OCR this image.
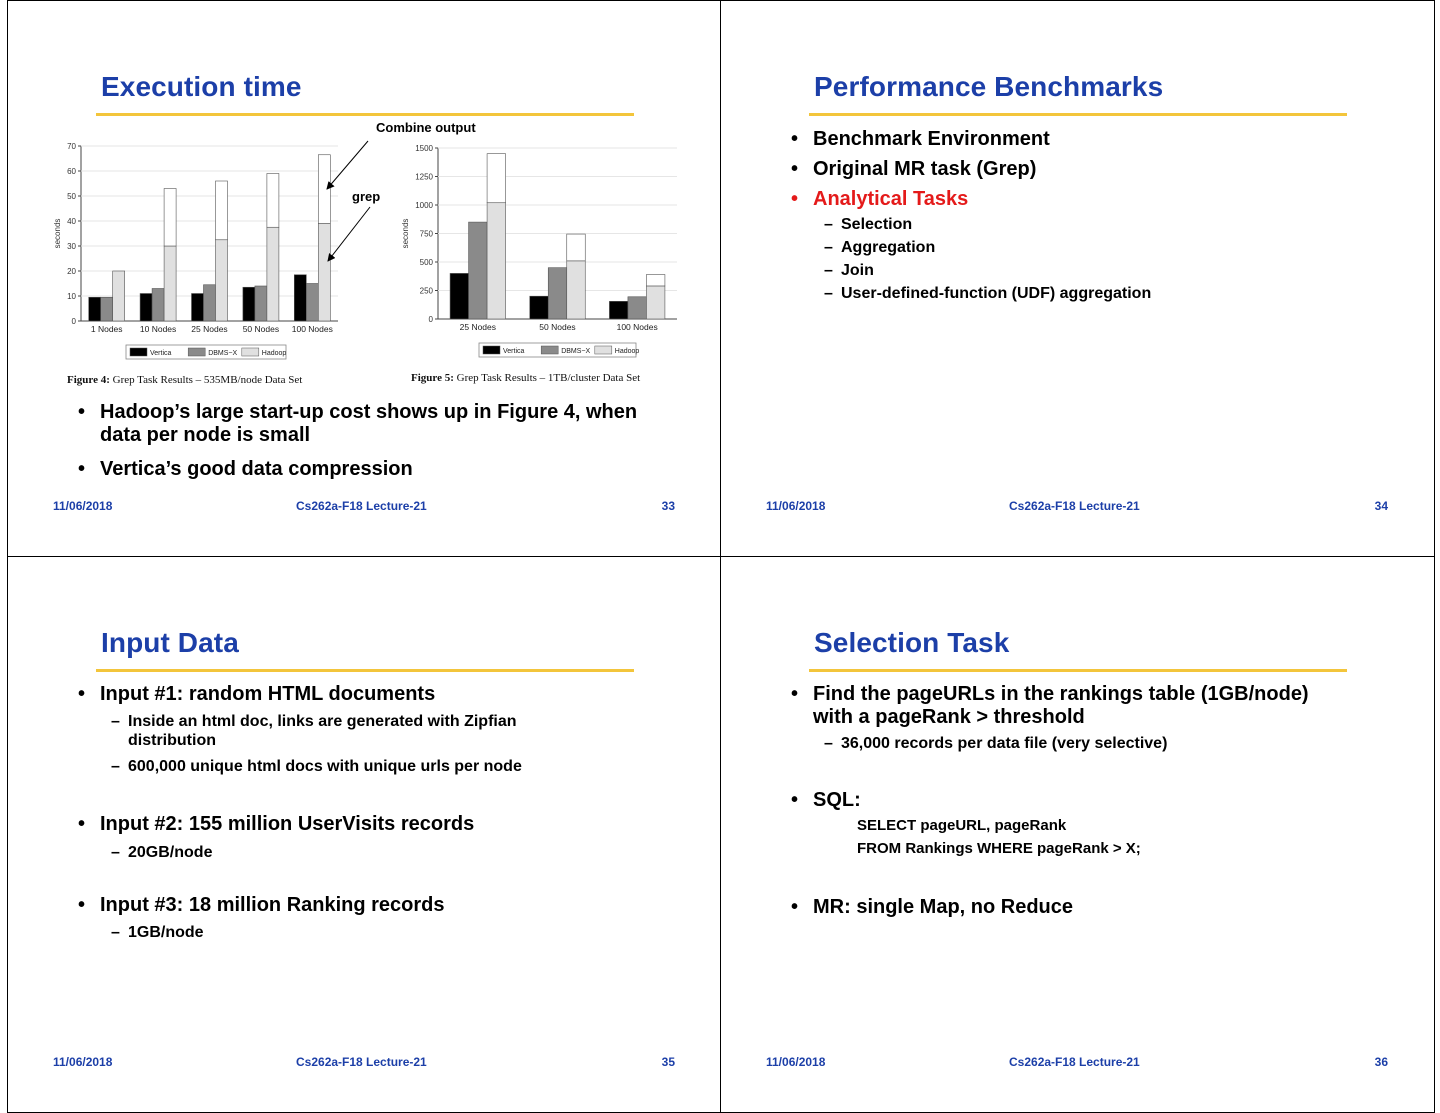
Execution time
0
10
20
30
40
50
60
70
seconds
1 Nodes 10 Nodes 25 Nodes 50 Nodes 100 Nodes
Vertica	DBMS−X	Hadoop
Figure 4: Grep Task Results – 535MB/node Data Set
0
250
500
750
1000
1250
1500
seconds
25 Nodes	50 Nodes	100 Nodes
Vertica	DBMS−X	Hadoop
Figure 5: Grep Task Results – 1TB/cluster Data Set
Combine output
grep
• Hadoop’s large start-up cost shows up in Figure 4, when data per node is small
• Vertica’s good data compression
11/06/2018	Cs262a-F18 Lecture-21	33
Performance Benchmarks
• Benchmark Environment
• Original MR task (Grep)
• Analytical Tasks
– Selection
– Aggregation
– Join
– User-defined-function (UDF) aggregation
11/06/2018	Cs262a-F18 Lecture-21	34
Input Data
• Input #1: random HTML documents
– Inside an html doc, links are generated with Zipfian distribution
– 600,000 unique html docs with unique urls per node
• Input #2: 155 million UserVisits records
– 20GB/node
• Input #3: 18 million Ranking records
– 1GB/node
11/06/2018	Cs262a-F18 Lecture-21	35
Selection Task
• Find the pageURLs in the rankings table (1GB/node) with a pageRank > threshold
– 36,000 records per data file (very selective)
• SQL:
SELECT pageURL, pageRank
FROM Rankings WHERE pageRank > X;
• MR: single Map, no Reduce
11/06/2018	Cs262a-F18 Lecture-21	36
